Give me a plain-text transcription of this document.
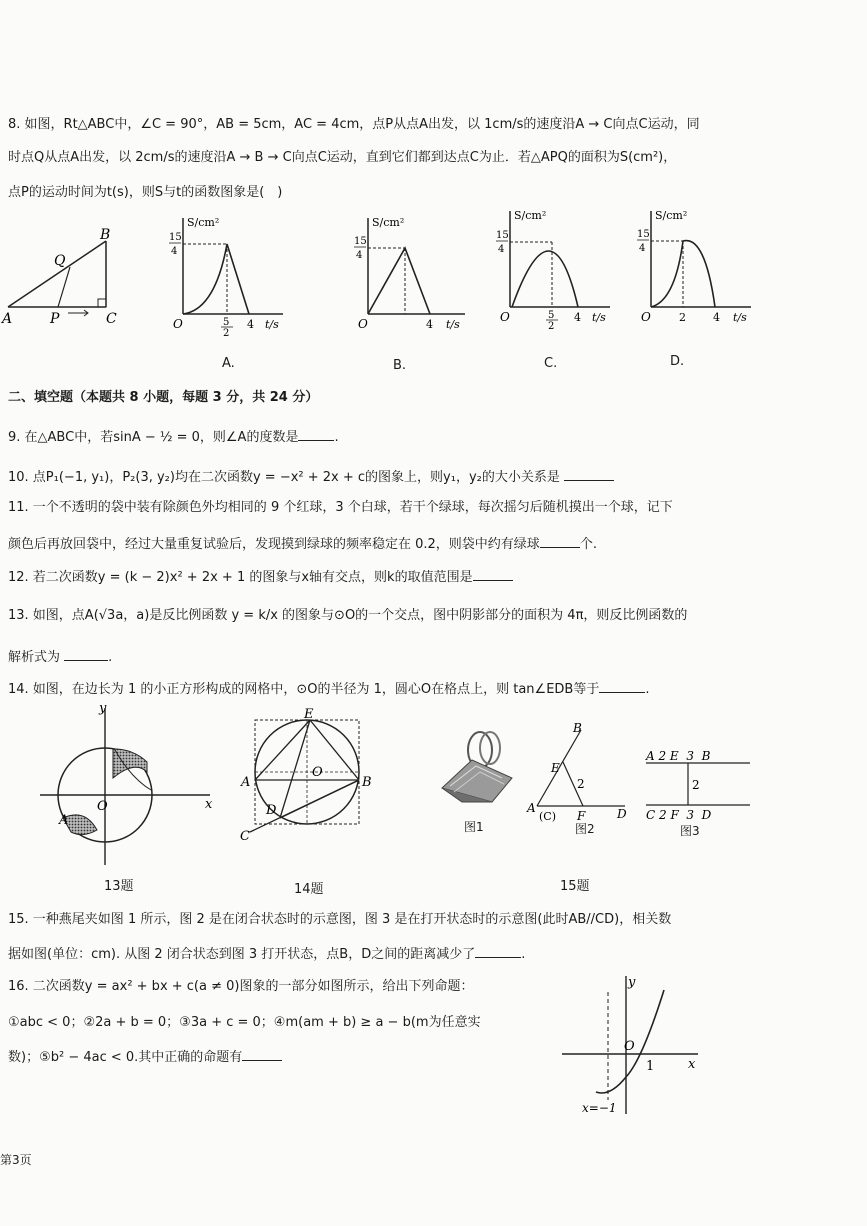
8. 如图，Rt△ABC中，∠C = 90°，AB = 5cm，AC = 4cm，点P从点A出发，以 1cm/s的速度沿A → C向点C运动，同
时点Q从点A出发，以 2cm/s的速度沿A → B → C向点C运动，直到它们都到达点C为止．若△APQ的面积为S(cm²)，
点P的运动时间为t(s)，则S与t的函数图象是(　)
A
B
C
P
Q
S/cm²
15
4
O	5
2
4 t/s
S/cm²
15
4
O	4 t/s
S/cm²
15
4
O	5
2
4 t/s
S/cm²
15
4
O	2 4 t/s
A.	B.	C.	D.
二、填空题（本题共 8 小题，每题 3 分，共 24 分）
9. 在△ABC中，若sinA − ½ = 0，则∠A的度数是	.
10. 点P₁(−1, y₁)，P₂(3, y₂)均在二次函数y = −x² + 2x + c的图象上，则y₁，y₂的大小关系是
11. 一个不透明的袋中装有除颜色外均相同的 9 个红球，3 个白球，若干个绿球，每次摇匀后随机摸出一个球，记下
颜色后再放回袋中，经过大量重复试验后，发现摸到绿球的频率稳定在 0.2，则袋中约有绿球	个.
12. 若二次函数y = (k − 2)x² + 2x + 1 的图象与x轴有交点，则k的取值范围是
13. 如图，点A(√3a，a)是反比例函数 y = k/x 的图象与⊙O的一个交点，图中阴影部分的面积为 4π，则反比例函数的
解析式为	.
14. 如图，在边长为 1 的小正方形构成的网格中，⊙O的半径为 1，圆心O在格点上，则 tan∠EDB等于	.
y
x
O
A
13题
E
A
O
B
D
C
14题
图1
B
E
2
A
(C) F	D
图2
A 2 E  3  B
2
C 2 F  3  D
图3
15题
15. 一种燕尾夹如图 1 所示，图 2 是在闭合状态时的示意图，图 3 是在打开状态时的示意图(此时AB//CD)，相关数
据如图(单位：cm). 从图 2 闭合状态到图 3 打开状态，点B，D之间的距离减少了	.
16. 二次函数y = ax² + bx + c(a ≠ 0)图象的一部分如图所示，给出下列命题：
①abc < 0；②2a + b = 0；③3a + c = 0；④m(am + b) ≥ a − b(m为任意实
数)；⑤b² − 4ac < 0.其中正确的命题有
y
x
O
1
x=−1
第3页
